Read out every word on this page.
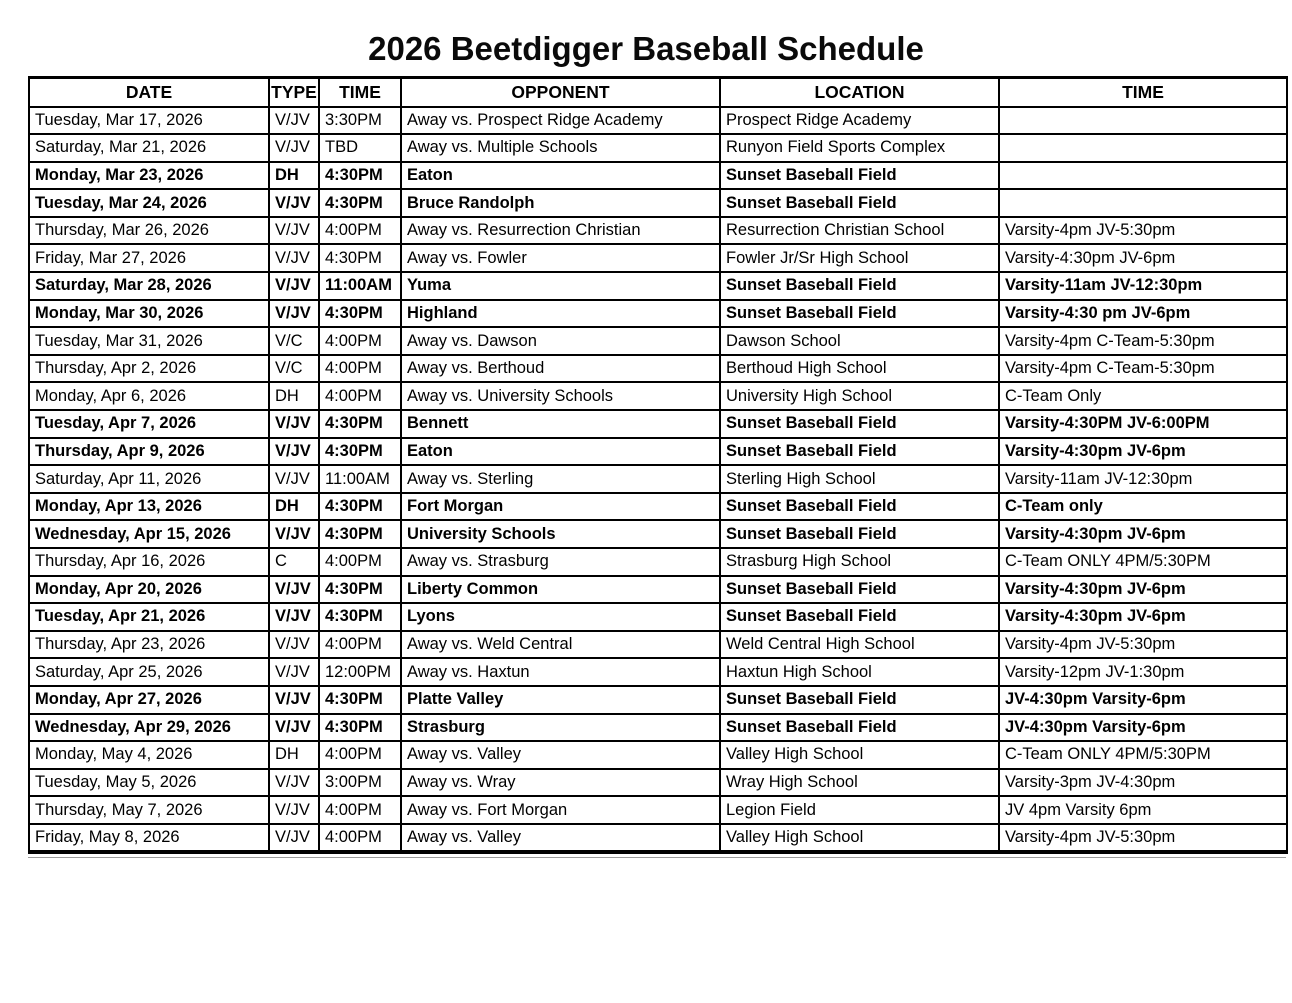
2026 Beetdigger Baseball Schedule
DATE	TYPE	TIME	OPPONENT	LOCATION	TIME
Tuesday, Mar 17, 2026	V/JV	3:30PM	Away vs. Prospect Ridge Academy	Prospect Ridge Academy	
Saturday, Mar 21, 2026	V/JV	TBD	Away vs. Multiple Schools	Runyon Field Sports Complex	
Monday, Mar 23, 2026	DH	4:30PM	Eaton	Sunset Baseball Field	
Tuesday, Mar 24, 2026	V/JV	4:30PM	Bruce Randolph	Sunset Baseball Field	
Thursday, Mar 26, 2026	V/JV	4:00PM	Away vs. Resurrection Christian	Resurrection Christian School	Varsity-4pm JV-5:30pm
Friday, Mar 27, 2026	V/JV	4:30PM	Away vs. Fowler	Fowler Jr/Sr High School	Varsity-4:30pm JV-6pm
Saturday, Mar 28, 2026	V/JV	11:00AM	Yuma	Sunset Baseball Field	Varsity-11am JV-12:30pm
Monday, Mar 30, 2026	V/JV	4:30PM	Highland	Sunset Baseball Field	Varsity-4:30 pm JV-6pm
Tuesday, Mar 31, 2026	V/C	4:00PM	Away vs. Dawson	Dawson School	Varsity-4pm C-Team-5:30pm
Thursday, Apr 2, 2026	V/C	4:00PM	Away vs. Berthoud	Berthoud High School	Varsity-4pm C-Team-5:30pm
Monday, Apr 6, 2026	DH	4:00PM	Away vs. University Schools	University High School	C-Team Only
Tuesday, Apr 7, 2026	V/JV	4:30PM	Bennett	Sunset Baseball Field	Varsity-4:30PM JV-6:00PM
Thursday, Apr 9, 2026	V/JV	4:30PM	Eaton	Sunset Baseball Field	Varsity-4:30pm JV-6pm
Saturday, Apr 11, 2026	V/JV	11:00AM	Away vs. Sterling	Sterling High School	Varsity-11am JV-12:30pm
Monday, Apr 13, 2026	DH	4:30PM	Fort Morgan	Sunset Baseball Field	C-Team only
Wednesday, Apr 15, 2026	V/JV	4:30PM	University Schools	Sunset Baseball Field	Varsity-4:30pm JV-6pm
Thursday, Apr 16, 2026	C	4:00PM	Away vs. Strasburg	Strasburg High School	C-Team ONLY 4PM/5:30PM
Monday, Apr 20, 2026	V/JV	4:30PM	Liberty Common	Sunset Baseball Field	Varsity-4:30pm JV-6pm
Tuesday, Apr 21, 2026	V/JV	4:30PM	Lyons	Sunset Baseball Field	Varsity-4:30pm JV-6pm
Thursday, Apr 23, 2026	V/JV	4:00PM	Away vs. Weld Central	Weld Central High School	Varsity-4pm JV-5:30pm
Saturday, Apr 25, 2026	V/JV	12:00PM	Away vs. Haxtun	Haxtun High School	Varsity-12pm JV-1:30pm
Monday, Apr 27, 2026	V/JV	4:30PM	Platte Valley	Sunset Baseball Field	JV-4:30pm Varsity-6pm
Wednesday, Apr 29, 2026	V/JV	4:30PM	Strasburg	Sunset Baseball Field	JV-4:30pm Varsity-6pm
Monday, May 4, 2026	DH	4:00PM	Away vs. Valley	Valley High School	C-Team ONLY 4PM/5:30PM
Tuesday, May 5, 2026	V/JV	3:00PM	Away vs. Wray	Wray High School	Varsity-3pm JV-4:30pm
Thursday, May 7, 2026	V/JV	4:00PM	Away vs. Fort Morgan	Legion Field	JV 4pm Varsity 6pm
Friday, May 8, 2026	V/JV	4:00PM	Away vs. Valley	Valley High School	Varsity-4pm JV-5:30pm
